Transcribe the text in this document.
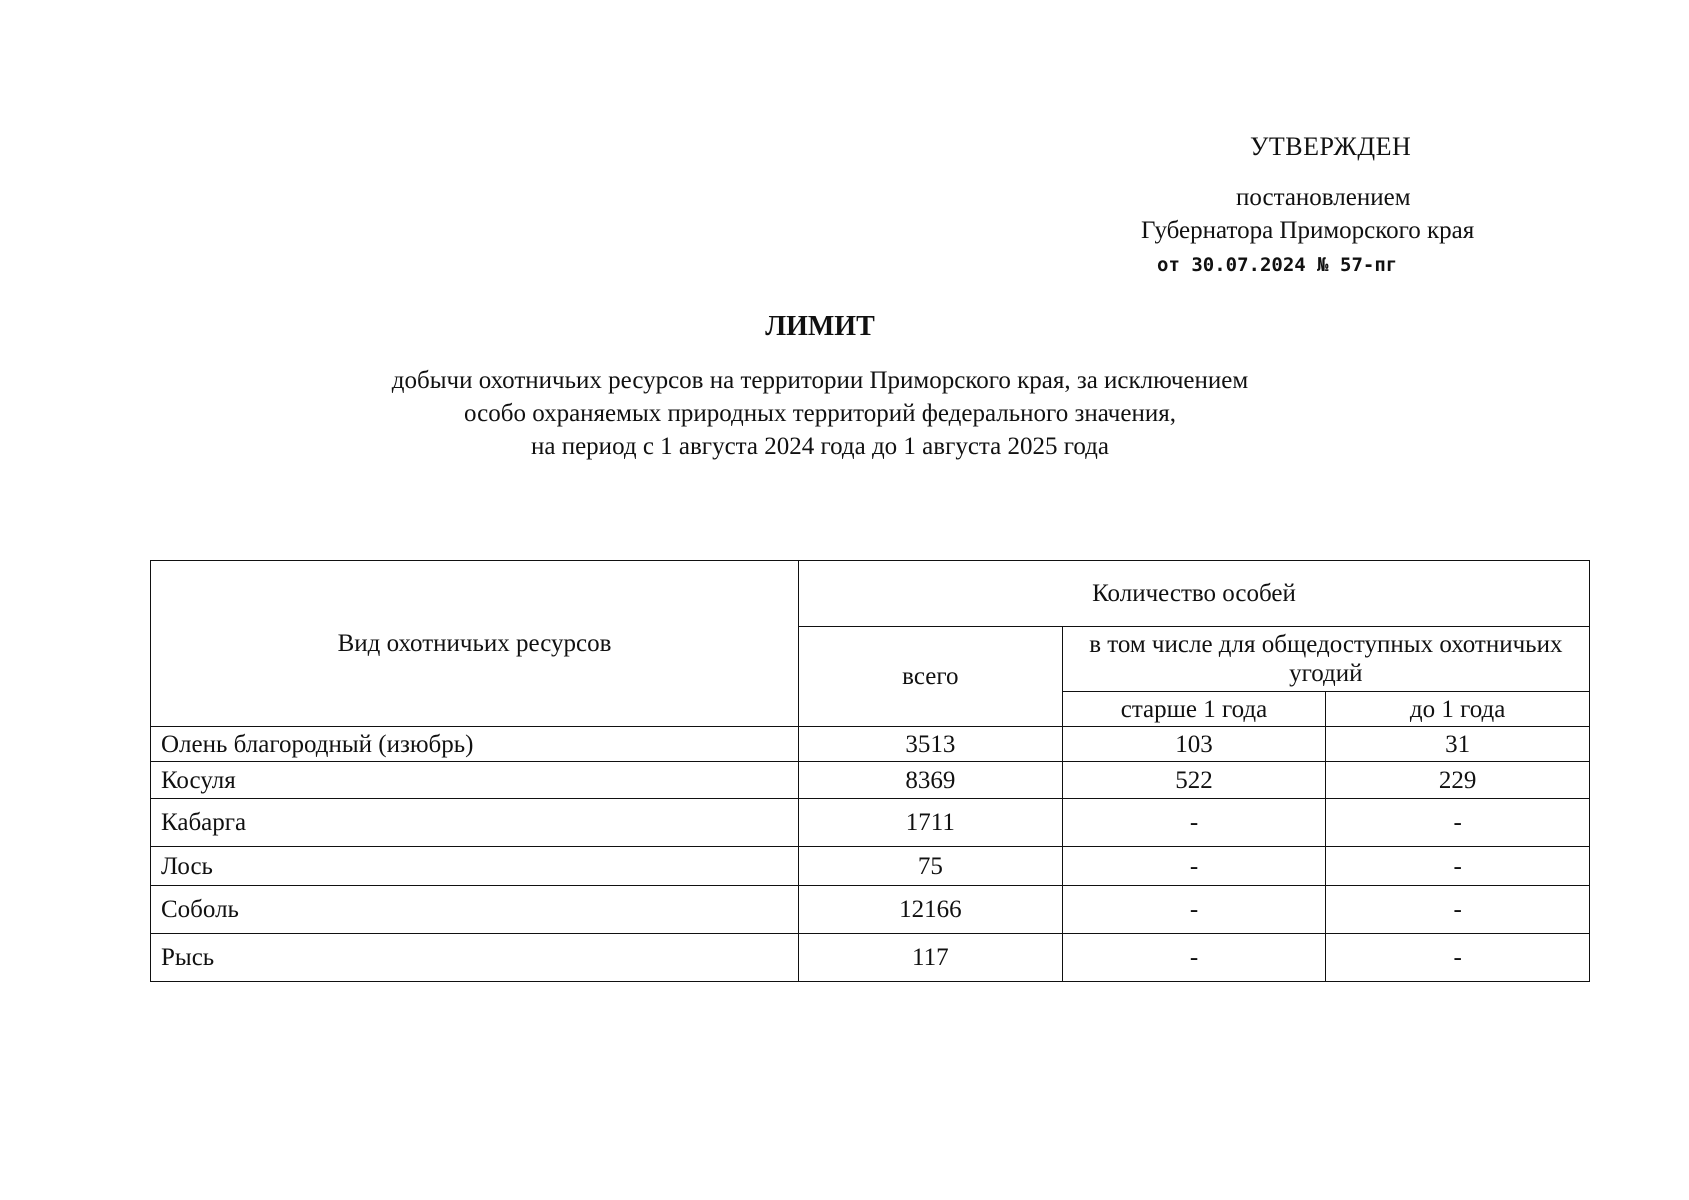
УТВЕРЖДЕН
постановлением
Губернатора Приморского края
от 30.07.2024 № 57-пг
ЛИМИТ
добычи охотничьих ресурсов на территории Приморского края, за исключением
особо охраняемых природных территорий федерального значения,
на период с 1 августа 2024 года до 1 августа 2025 года
Вид охотничьих ресурсов	Количество особей		
	всего	в том числе для общедоступных охотничьих угодий	
		старше 1 года	до 1 года
Олень благородный (изюбрь)	3513	103	31
Косуля	8369	522	229
Кабарга	1711	-	-
Лось	75	-	-
Соболь	12166	-	-
Рысь	117	-	-
